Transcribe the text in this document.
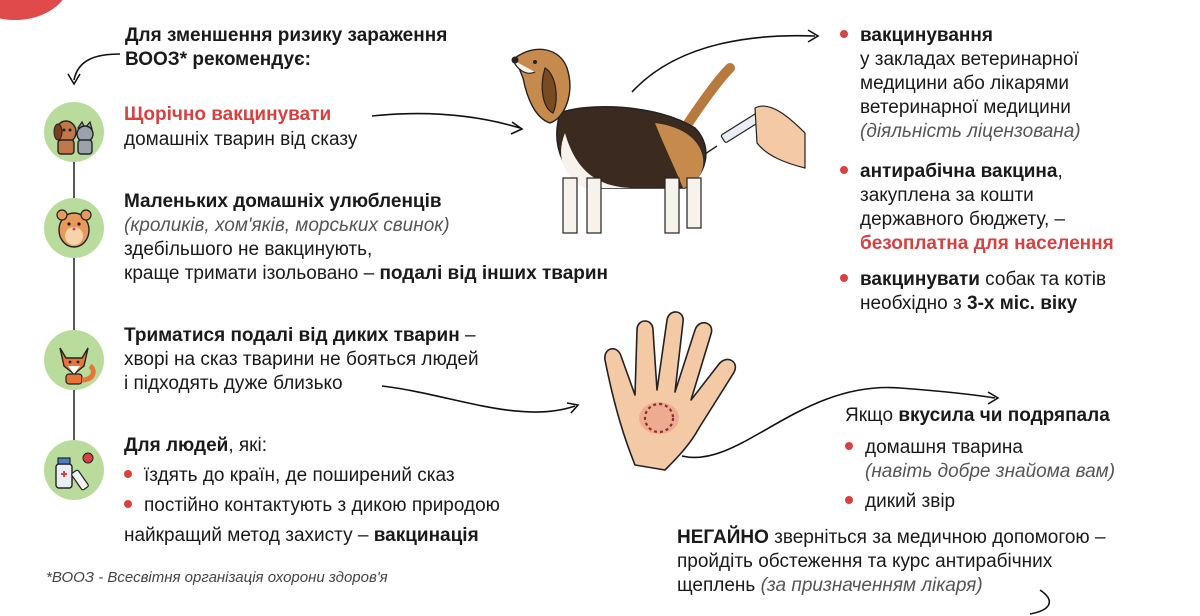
Для зменшення ризику зараження
ВООЗ* рекомендує:
Щорічно вакцинувати
домашніх тварин від сказу
Маленьких домашніх улюбленців
(кроликів, хом'яків, морських свинок)
здебільшого не вакцинують,
краще тримати ізольовано – подалі від інших тварин
Триматися подалі від диких тварин –
хворі на сказ тварини не бояться людей
і підходять дуже близько
Для людей, які:
їздять до країн, де поширений сказ
постійно контактують з дикою природою
найкращий метод захисту – вакцинація
*ВООЗ - Всесвітня організація охорони здоров'я
вакцинування
у закладах ветеринарної
медицини або лікарями
ветеринарної медицини
(діяльність ліцензована)
антирабічна вакцина,
закуплена за кошти
державного бюджету, –
безоплатна для населення
вакцинувати собак та котів
необхідно з 3-х міс. віку
Якщо вкусила чи подряпала
домашня тварина
(навіть добре знайома вам)
дикий звір
НЕГАЙНО зверніться за медичною допомогою –
пройдіть обстеження та курс антирабічних
щеплень (за призначенням лікаря)
